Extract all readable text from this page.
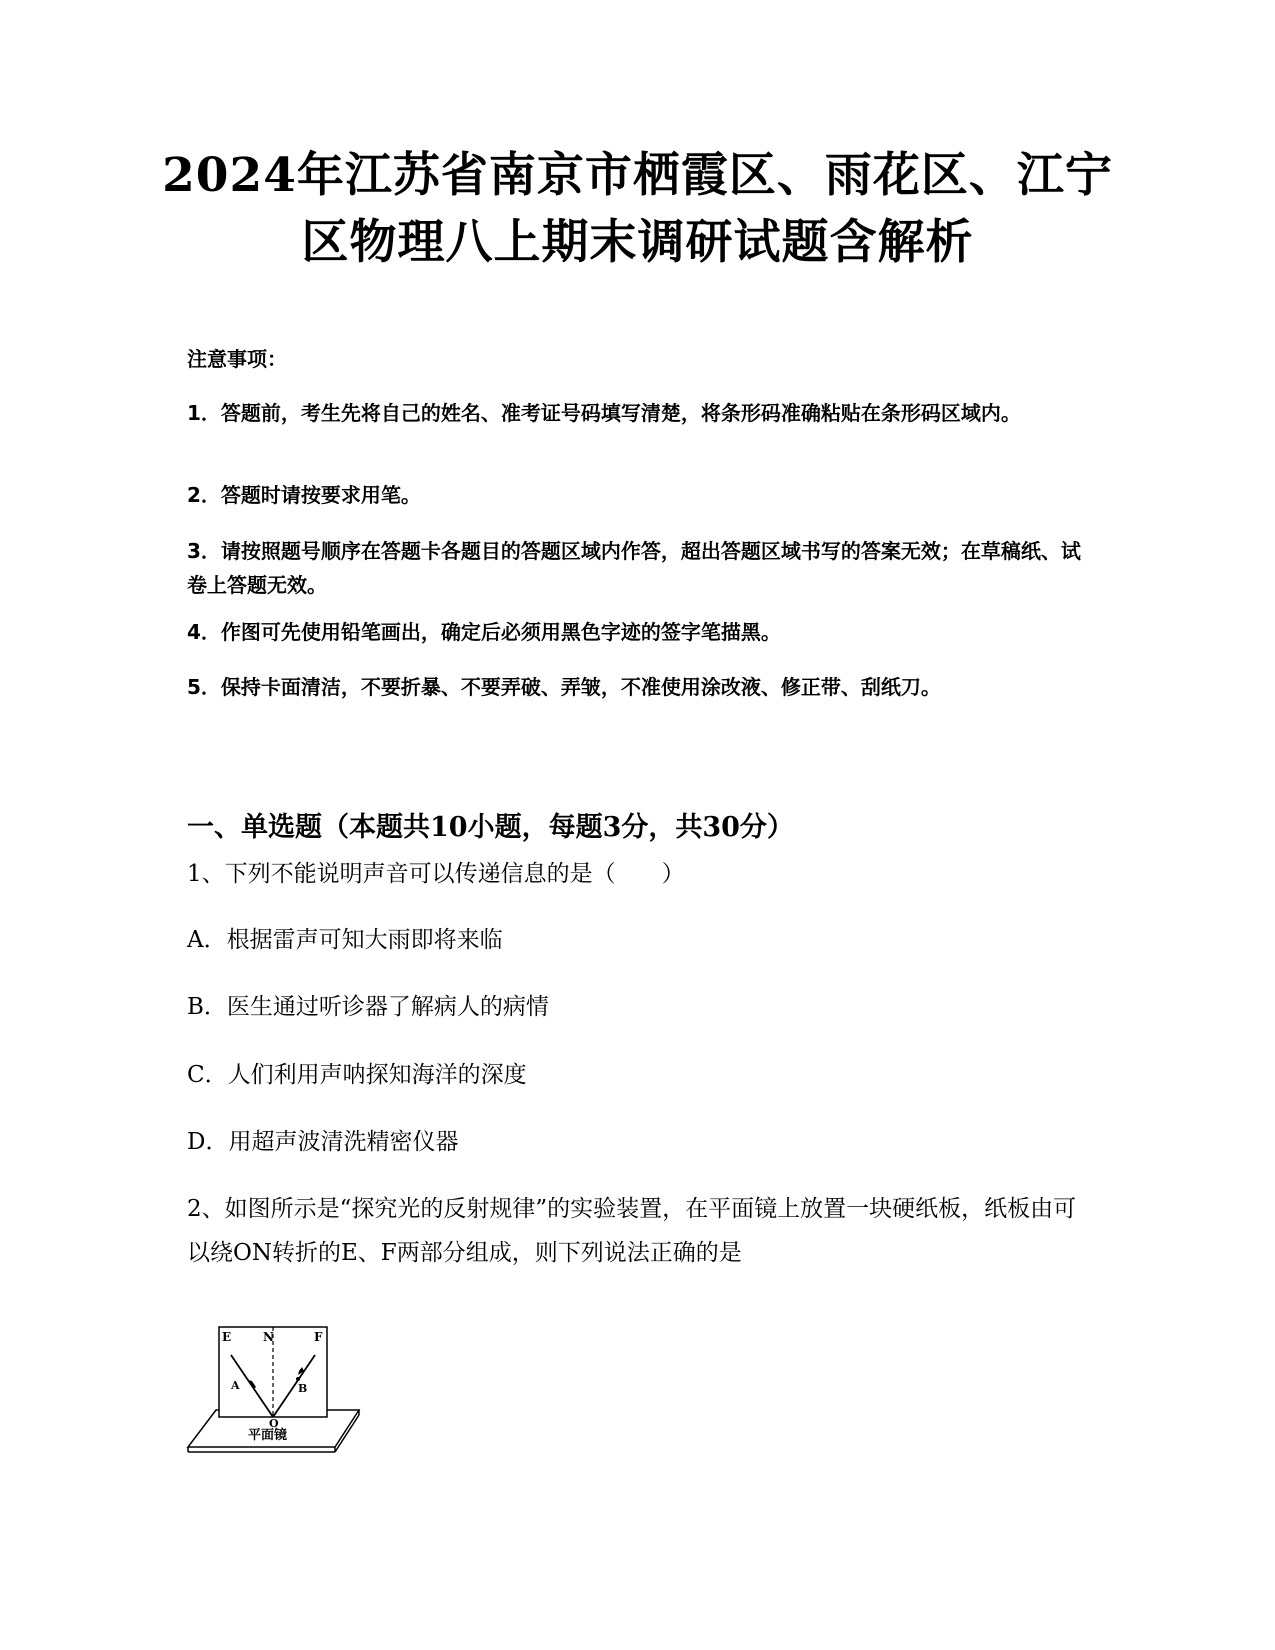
2024年江苏省南京市栖霞区、雨花区、江宁
区物理八上期末调研试题含解析
注意事项：
1．答题前，考生先将自己的姓名、准考证号码填写清楚，将条形码准确粘贴在条形码区域内。
2．答题时请按要求用笔。
3．请按照题号顺序在答题卡各题目的答题区域内作答，超出答题区域书写的答案无效；在草稿纸、试卷上答题无效。
4．作图可先使用铅笔画出，确定后必须用黑色字迹的签字笔描黑。
5．保持卡面清洁，不要折暴、不要弄破、弄皱，不准使用涂改液、修正带、刮纸刀。
一、单选题（本题共10小题，每题3分，共30分）
1、下列不能说明声音可以传递信息的是（　　）
A．根据雷声可知大雨即将来临
B．医生通过听诊器了解病人的病情
C．人们利用声呐探知海洋的深度
D．用超声波清洗精密仪器
2、如图所示是“探究光的反射规律”的实验装置，在平面镜上放置一块硬纸板，纸板由可以绕ON转折的E、F两部分组成，则下列说法正确的是
E	N	F
A	B
O
平面镜
